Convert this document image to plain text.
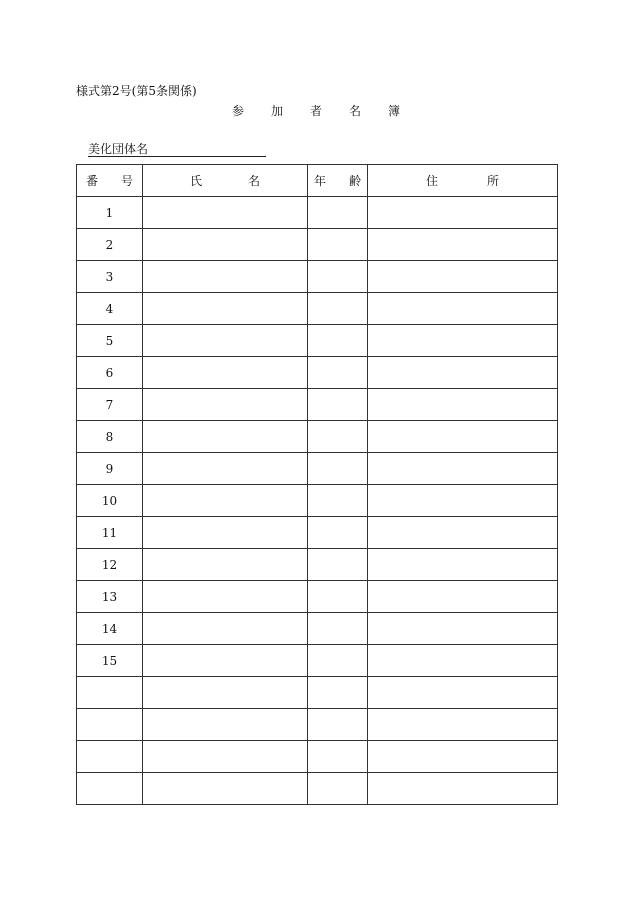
様式第2号(第5条関係)
参 加 者 名 簿
美化団体名
番 号	氏 名	年 齢	住 所

1			
2			
3			
4			
5			
6			
7			
8			
9			
10			
11			
12			
13			
14			
15			
